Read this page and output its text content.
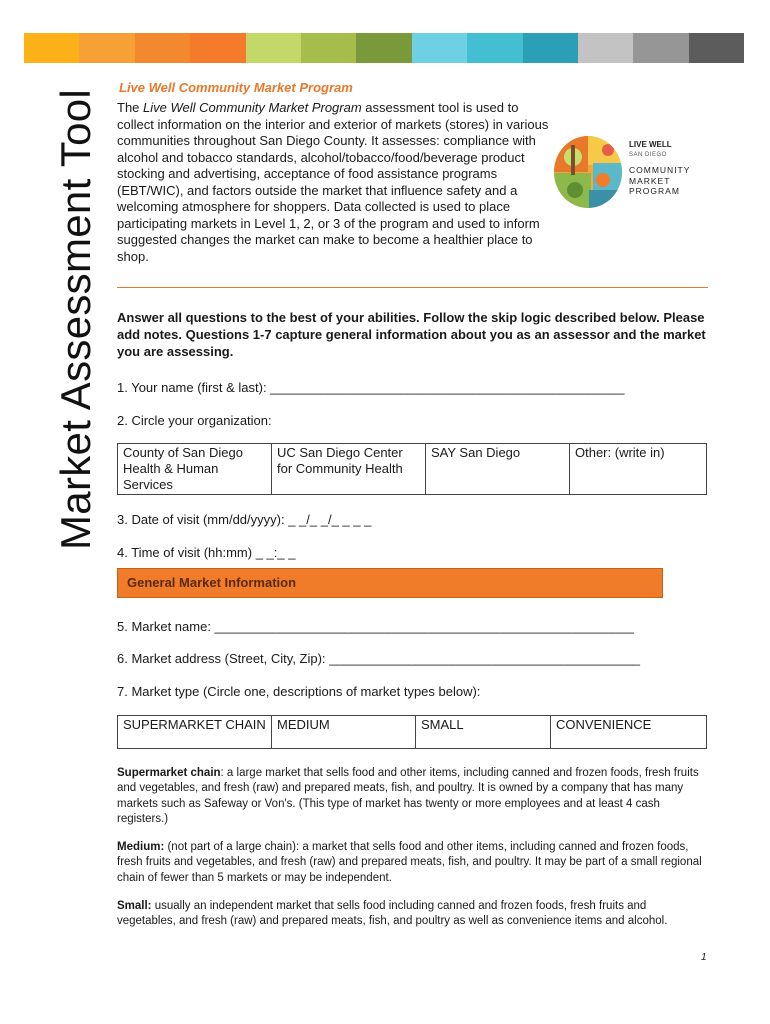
Market Assessment Tool
Live Well Community Market Program
The Live Well Community Market Program assessment tool is used to collect information on the interior and exterior of markets (stores) in various communities throughout San Diego County. It assesses: compliance with alcohol and tobacco standards, alcohol/tobacco/food/beverage product stocking and advertising, acceptance of food assistance programs (EBT/WIC), and factors outside the market that influence safety and a welcoming atmosphere for shoppers. Data collected is used to place participating markets in Level 1, 2, or 3 of the program and used to inform suggested changes the market can make to become a healthier place to shop.
LIVE WELL
SAN DIEGO
COMMUNITY
MARKET
PROGRAM
Answer all questions to the best of your abilities. Follow the skip logic described below. Please add notes. Questions 1-7 capture general information about you as an assessor and the market you are assessing.
1. Your name (first & last): _________________________________________________
2. Circle your organization:
County of San Diego Health & Human Services	UC San Diego Center for Community Health	SAY San Diego	Other: (write in)
3. Date of visit (mm/dd/yyyy): _ _/_ _/_ _ _ _
4. Time of visit (hh:mm) _ _:_ _
General Market Information
5. Market name: __________________________________________________________
6. Market address (Street, City, Zip): ___________________________________________
7. Market type (Circle one, descriptions of market types below):
SUPERMARKET CHAIN	MEDIUM	SMALL	CONVENIENCE
Supermarket chain: a large market that sells food and other items, including canned and frozen foods, fresh fruits and vegetables, and fresh (raw) and prepared meats, fish, and poultry. It is owned by a company that has many markets such as Safeway or Von's. (This type of market has twenty or more employees and at least 4 cash registers.)
Medium: (not part of a large chain): a market that sells food and other items, including canned and frozen foods, fresh fruits and vegetables, and fresh (raw) and prepared meats, fish, and poultry. It may be part of a small regional chain of fewer than 5 markets or may be independent.
Small: usually an independent market that sells food including canned and frozen foods, fresh fruits and vegetables, and fresh (raw) and prepared meats, fish, and poultry as well as convenience items and alcohol.
1
